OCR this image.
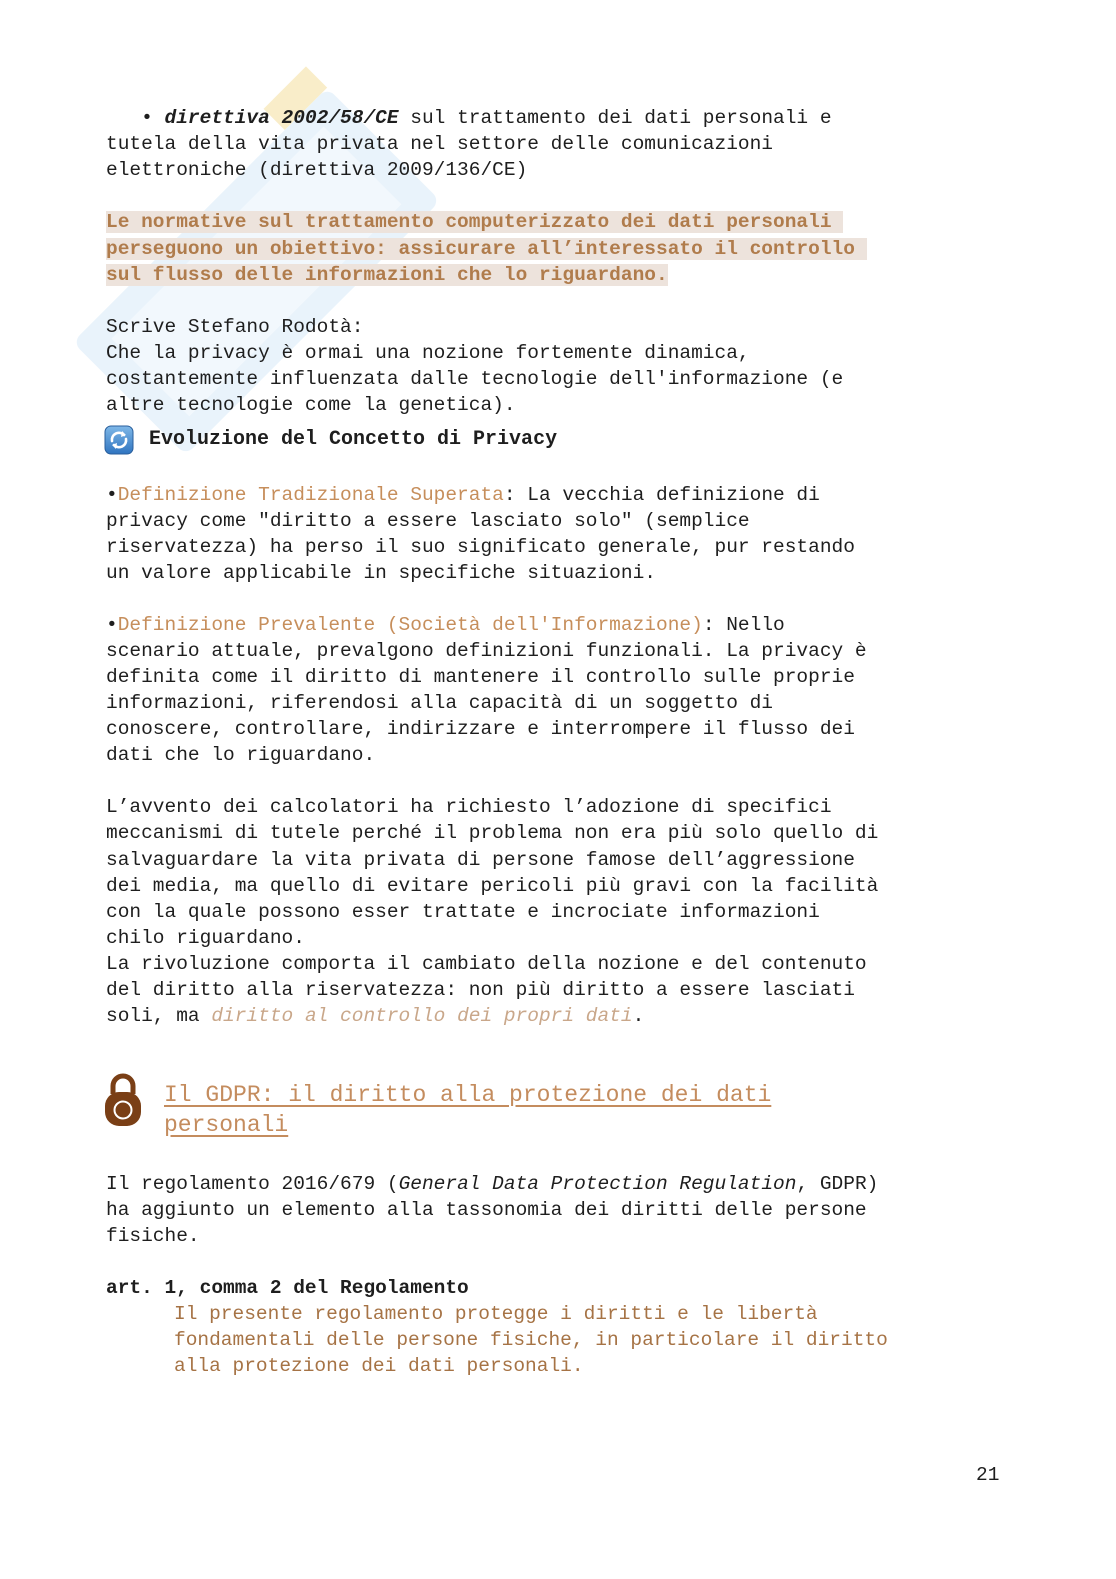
• direttiva 2002/58/CE sul trattamento dei dati personali e

tutela della vita privata nel settore delle comunicazioni

elettroniche (direttiva 2009/136/CE)

Le normative sul trattamento computerizzato dei dati personali

perseguono un obiettivo: assicurare all’interessato il controllo

sul flusso delle informazioni che lo riguardano.

Scrive Stefano Rodotà:

Che la privacy è ormai una nozione fortemente dinamica,

costantemente influenzata dalle tecnologie dell'informazione (e

altre tecnologie come la genetica).

Evoluzione del Concetto di Privacy

•Definizione Tradizionale Superata: La vecchia definizione di

privacy come "diritto a essere lasciato solo" (semplice

riservatezza) ha perso il suo significato generale, pur restando

un valore applicabile in specifiche situazioni.

•Definizione Prevalente (Società dell'Informazione): Nello

scenario attuale, prevalgono definizioni funzionali. La privacy è

definita come il diritto di mantenere il controllo sulle proprie

informazioni, riferendosi alla capacità di un soggetto di

conoscere, controllare, indirizzare e interrompere il flusso dei

dati che lo riguardano.

L’avvento dei calcolatori ha richiesto l’adozione di specifici

meccanismi di tutele perché il problema non era più solo quello di

salvaguardare la vita privata di persone famose dell’aggressione

dei media, ma quello di evitare pericoli più gravi con la facilità

con la quale possono esser trattate e incrociate informazioni

chilo riguardano.

La rivoluzione comporta il cambiato della nozione e del contenuto

del diritto alla riservatezza: non più diritto a essere lasciati

soli, ma diritto al controllo dei propri dati.

Il GDPR: il diritto alla protezione dei dati

personali

Il regolamento 2016/679 (General Data Protection Regulation, GDPR)

ha aggiunto un elemento alla tassonomia dei diritti delle persone

fisiche.

art. 1, comma 2 del Regolamento

Il presente regolamento protegge i diritti e le libertà

fondamentali delle persone fisiche, in particolare il diritto

alla protezione dei dati personali.

21
